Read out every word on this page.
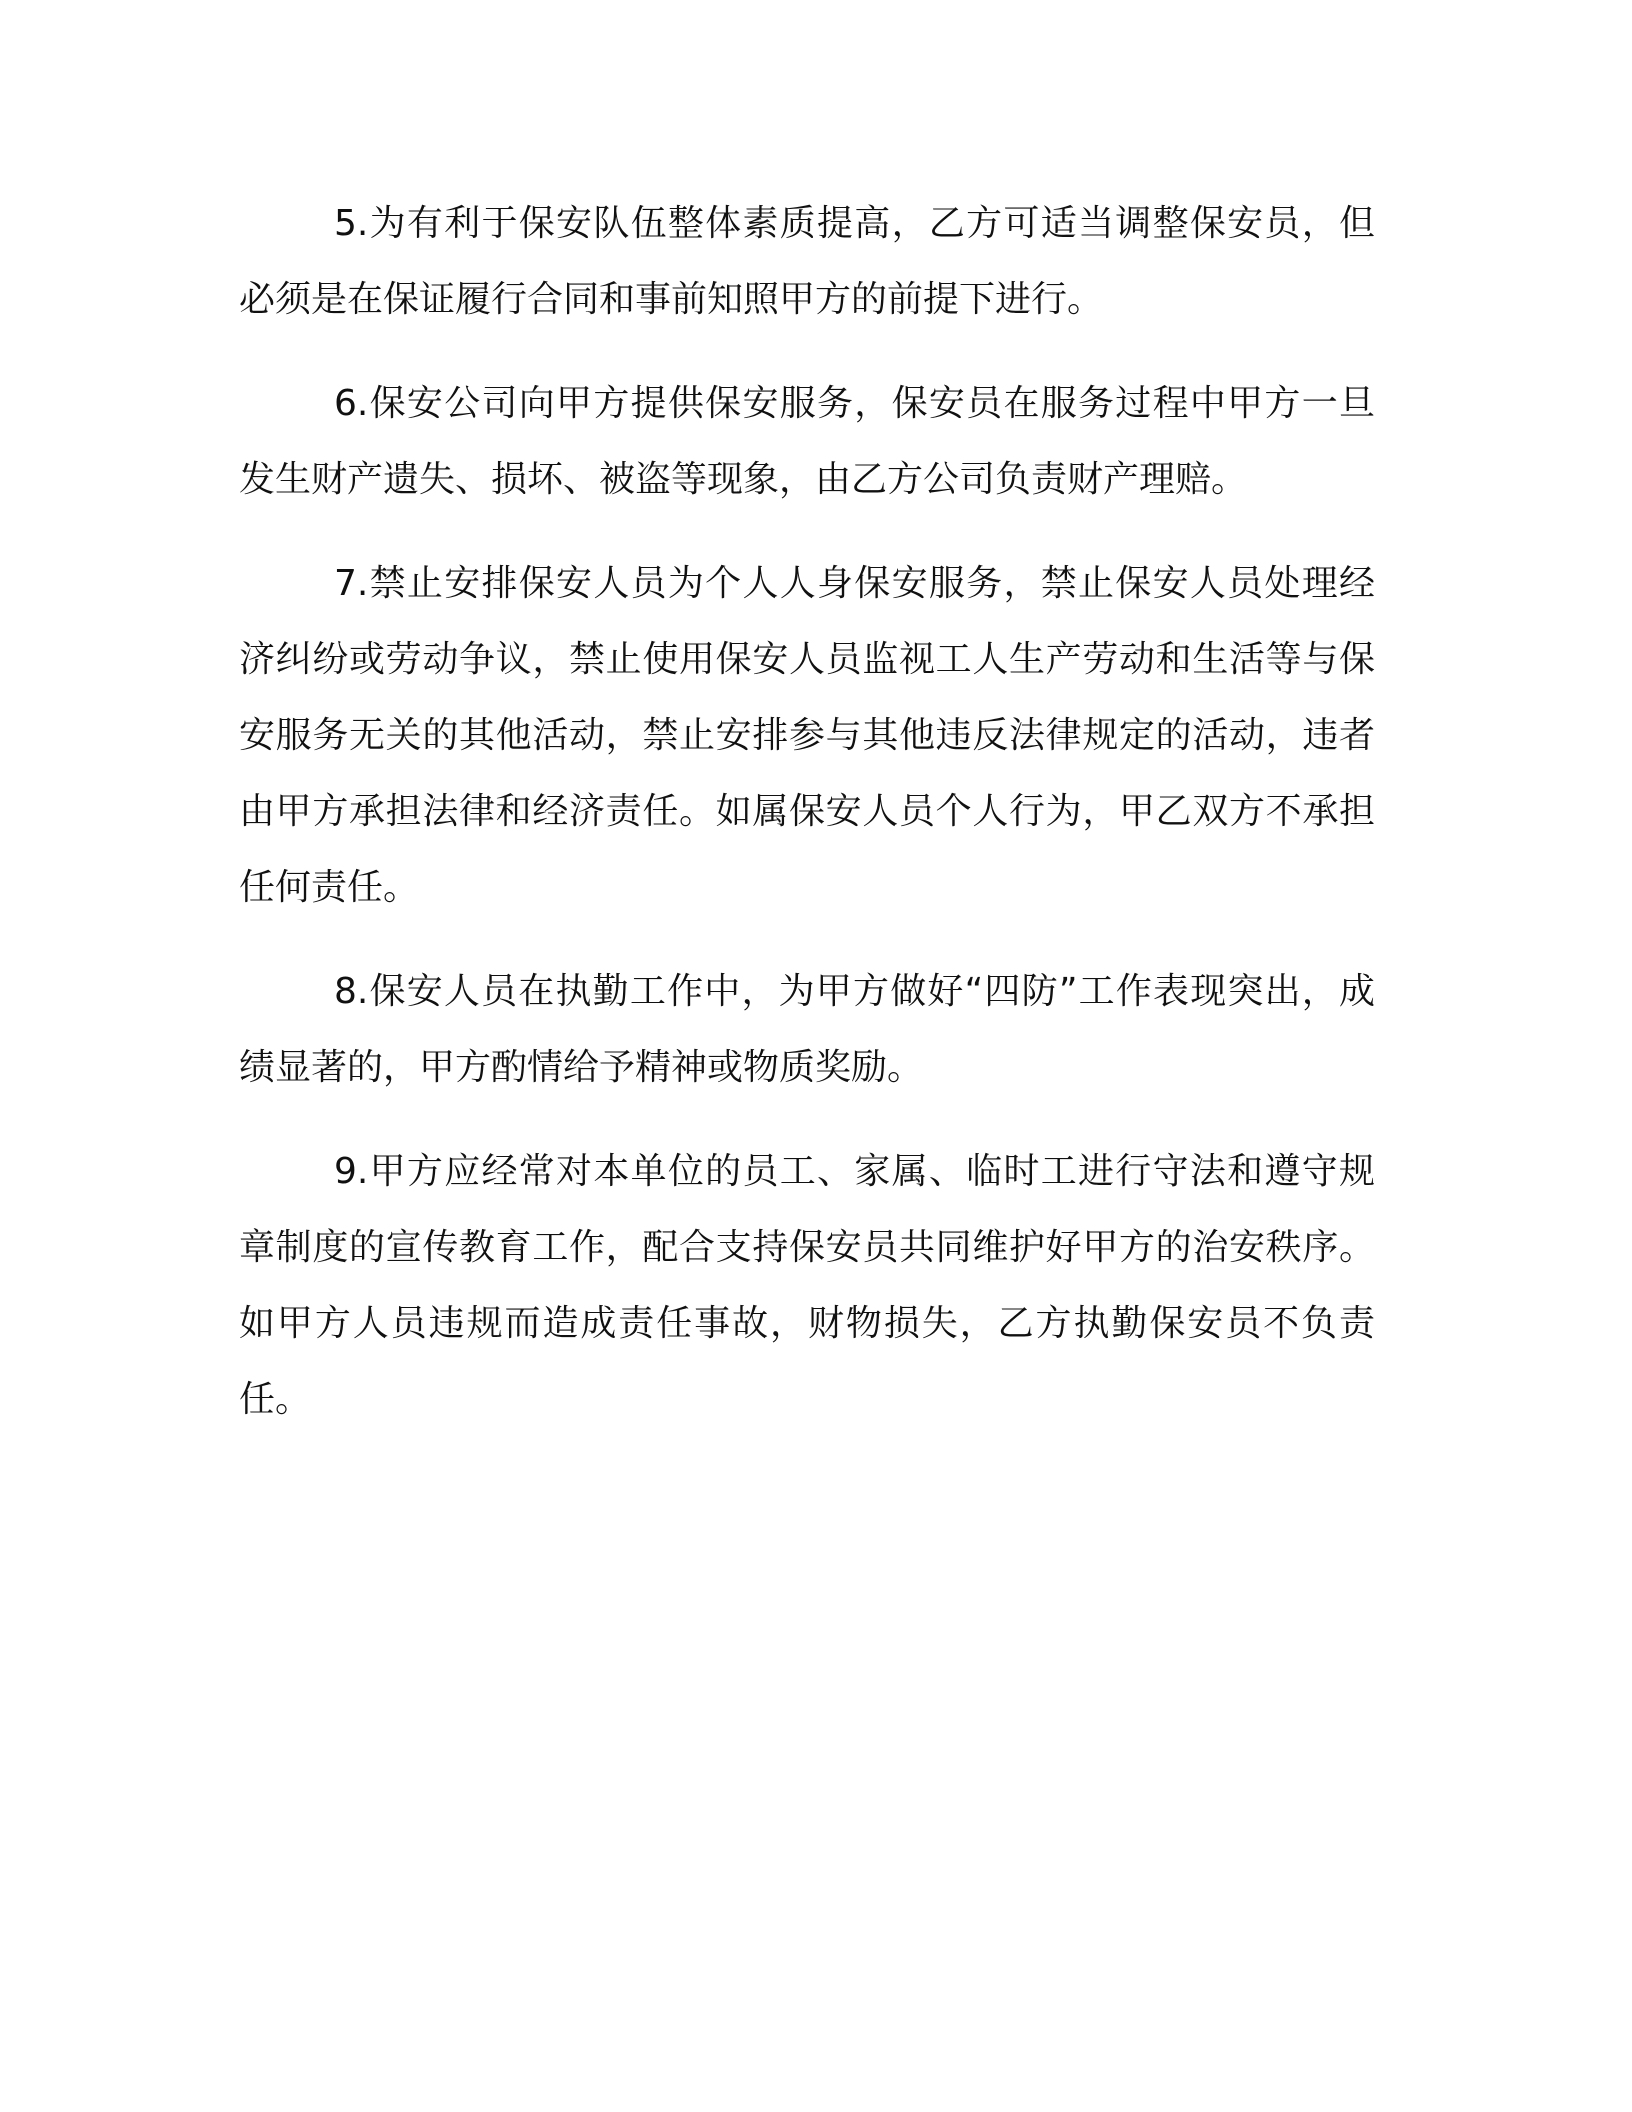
5.为有利于保安队伍整体素质提高，乙方可适当调整保安员，但必须是在保证履行合同和事前知照甲方的前提下进行。

6.保安公司向甲方提供保安服务，保安员在服务过程中甲方一旦发生财产遗失、损坏、被盗等现象，由乙方公司负责财产理赔。

7.禁止安排保安人员为个人人身保安服务，禁止保安人员处理经济纠纷或劳动争议，禁止使用保安人员监视工人生产劳动和生活等与保安服务无关的其他活动，禁止安排参与其他违反法律规定的活动，违者由甲方承担法律和经济责任。如属保安人员个人行为，甲乙双方不承担任何责任。

8.保安人员在执勤工作中，为甲方做好“四防”工作表现突出，成绩显著的，甲方酌情给予精神或物质奖励。

9.甲方应经常对本单位的员工、家属、临时工进行守法和遵守规章制度的宣传教育工作，配合支持保安员共同维护好甲方的治安秩序。如甲方人员违规而造成责任事故，财物损失，乙方执勤保安员不负责任。
